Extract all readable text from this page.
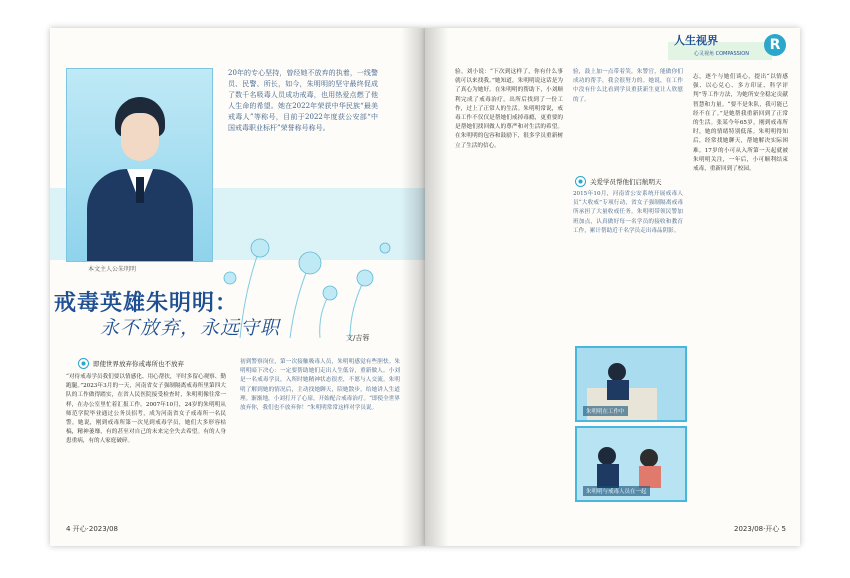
本文主人公朱明明
20年的专心坚持，曾经她不放弃的执着，一线警员、民警、所长，如今，朱明明的坚守最终促成了数千名吸毒人员成功戒毒，也用热爱点燃了他人生命的希望。她在2022年荣获中华民族“最美戒毒人”等称号，目前于2022年度获公安部“中国戒毒职业标杆”荣誉称号称号。
戒毒英雄朱明明：
永不放弃，永远守职	文/吉蓉
即使世界放弃你戒毒所也不放弃
“对待戒毒学员我们要以情感化、用心帮扶，平时多留心观察、勤跑腿。”2023年3月的一天，河南省女子强制隔离戒毒所里第四大队的工作做得踏实，在省人民医院接受检查时，朱明明像往常一样，在办公室里忙着汇报工作。2007年10月，24岁的朱明明从师范学院毕业通过公务员招考，成为河南省女子戒毒所一名民警，她说，刚到戒毒所第一次见到戒毒学员，她们大多形容枯槁，精神萎靡，有的甚至对自己的未来完全失去希望。有的人身患重病，有的人家庭破碎。
初到警察岗位，第一次接触吸毒人员，朱明明感觉有些胆怯。朱明明暗下决心：一定要帮助她们走出人生低谷，重新做人。小刘是一名戒毒学员，入所时她精神状态很差，不愿与人交流。朱明明了解到她的情况后，主动找她聊天，陪她散步，给她讲人生道理。渐渐地，小刘打开了心扉，开始配合戒毒治疗。“即使全世界放弃你，我们也不放弃你！”朱明明常常这样对学员说。
4 开心·2023/08
人生视界
心灵视角 COMPASSION
R
验。刘小说：“下次到这样了，你有什么事就可以来找我。”她知道，朱明明说这话是为了真心为她好。在朱明明的帮助下，小刘顺利完成了戒毒治疗，出所后找到了一份工作，过上了正常人的生活。朱明明常说，戒毒工作不仅仅是帮她们戒掉毒瘾，更重要的是帮她们找回做人的尊严和对生活的希望。在朱明明的包容和鼓励下，很多学员重新树立了生活的信心。
验，鼓上加一点带着笑，朱警官，能做你们成功的帮手，我会很努力的。她说，在工作中没有什么比看到学员重获新生更让人欣慰的了。
关爱学员帮他们启航明天
2015年10月，河南省公安系统开展戒毒人员“大收戒”专项行动，省女子强制隔离戒毒所承担了大量收戒任务。朱明明带领民警加班加点，认真做好每一名学员的接收和教育工作，累计帮助近千名学员走出毒品阴影。
朱明明在工作中
朱明明与戒毒人员在一起
志，逐个与她们谈心，提出“以情感强、以心兑心、多方印证、科学评判”等工作方法，为她所安全稳定贡献智慧和力量。“要不是朱队，我可能已经不在了。”是她帮我重新回到了正常的生活。张某今年65岁，刚到戒毒所时，她的情绪特别低落。朱明明得知后，经常找她聊天，帮她解决实际困难。17岁的小可从入所第一天起就被朱明明关注，一年后，小可顺利结束戒毒，重新回到了校园。
2023/08·开心 5
